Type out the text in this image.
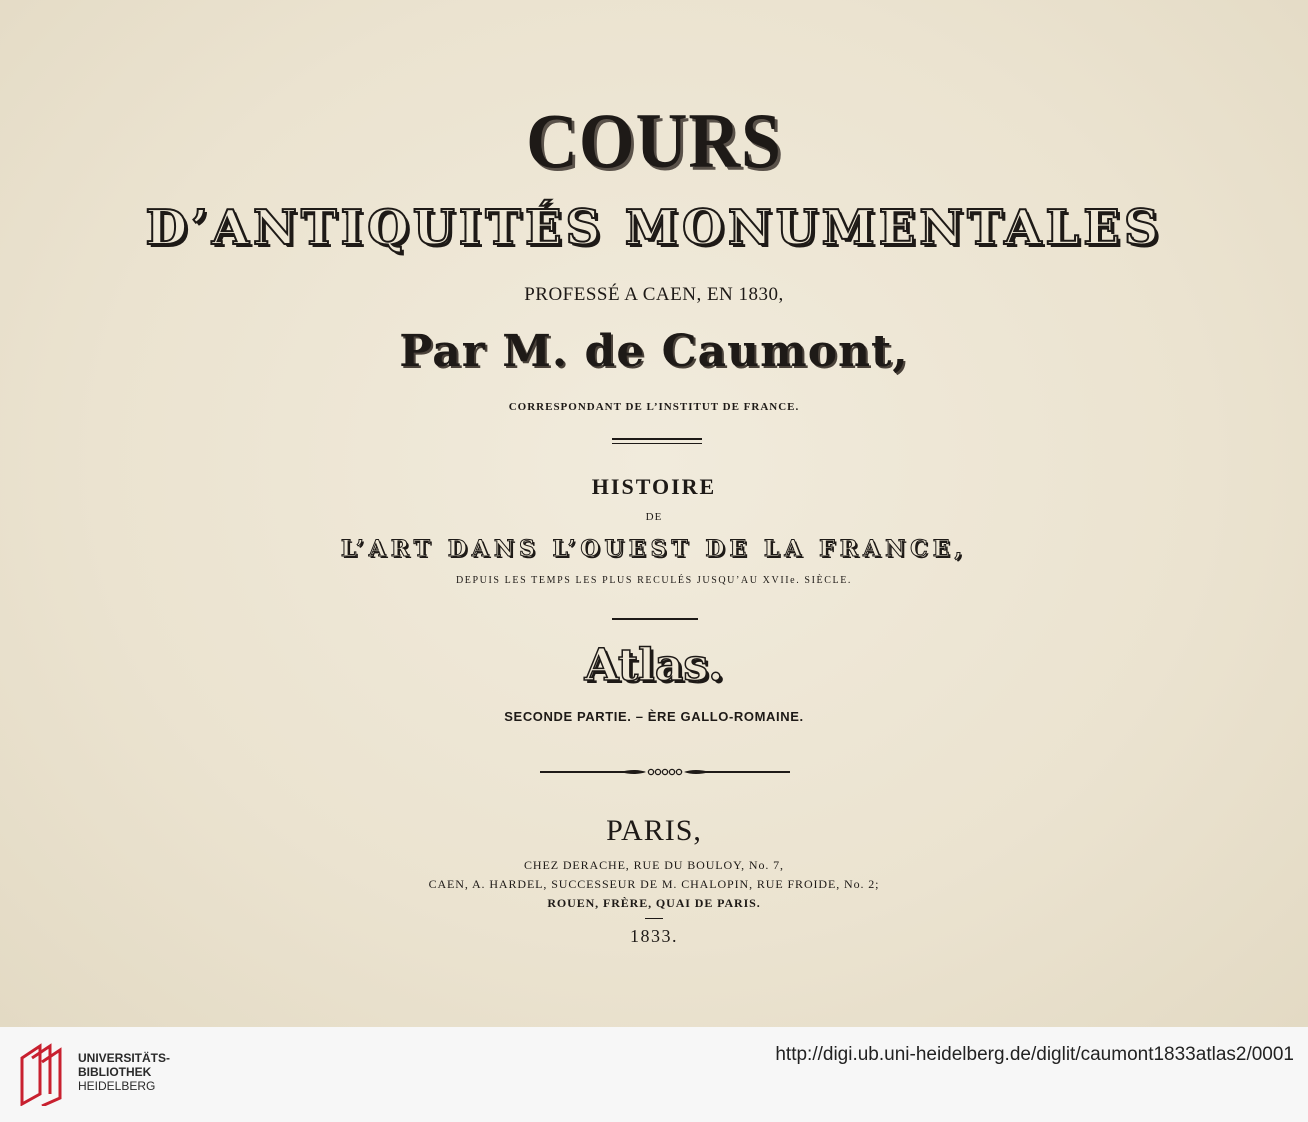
COURS
D’ANTIQUITÉS MONUMENTALES
PROFESSÉ A CAEN, EN 1830,
Par M. de Caumont,
CORRESPONDANT DE L’INSTITUT DE FRANCE.
HISTOIRE
DE
L’ART DANS L’OUEST DE LA FRANCE,
DEPUIS LES TEMPS LES PLUS RECULÉS JUSQU’AU XVIIe. SIÈCLE.
Atlas.
SECONDE PARTIE. – ÈRE GALLO-ROMAINE.
PARIS,
CHEZ DERACHE, RUE DU BOULOY, No. 7,
CAEN, A. HARDEL, SUCCESSEUR DE M. CHALOPIN, RUE FROIDE, No. 2;
ROUEN, FRÈRE, QUAI DE PARIS.
1833.
UNIVERSITÄTS-
BIBLIOTHEK
HEIDELBERG
http://digi.ub.uni-heidelberg.de/diglit/caumont1833atlas2/0001
